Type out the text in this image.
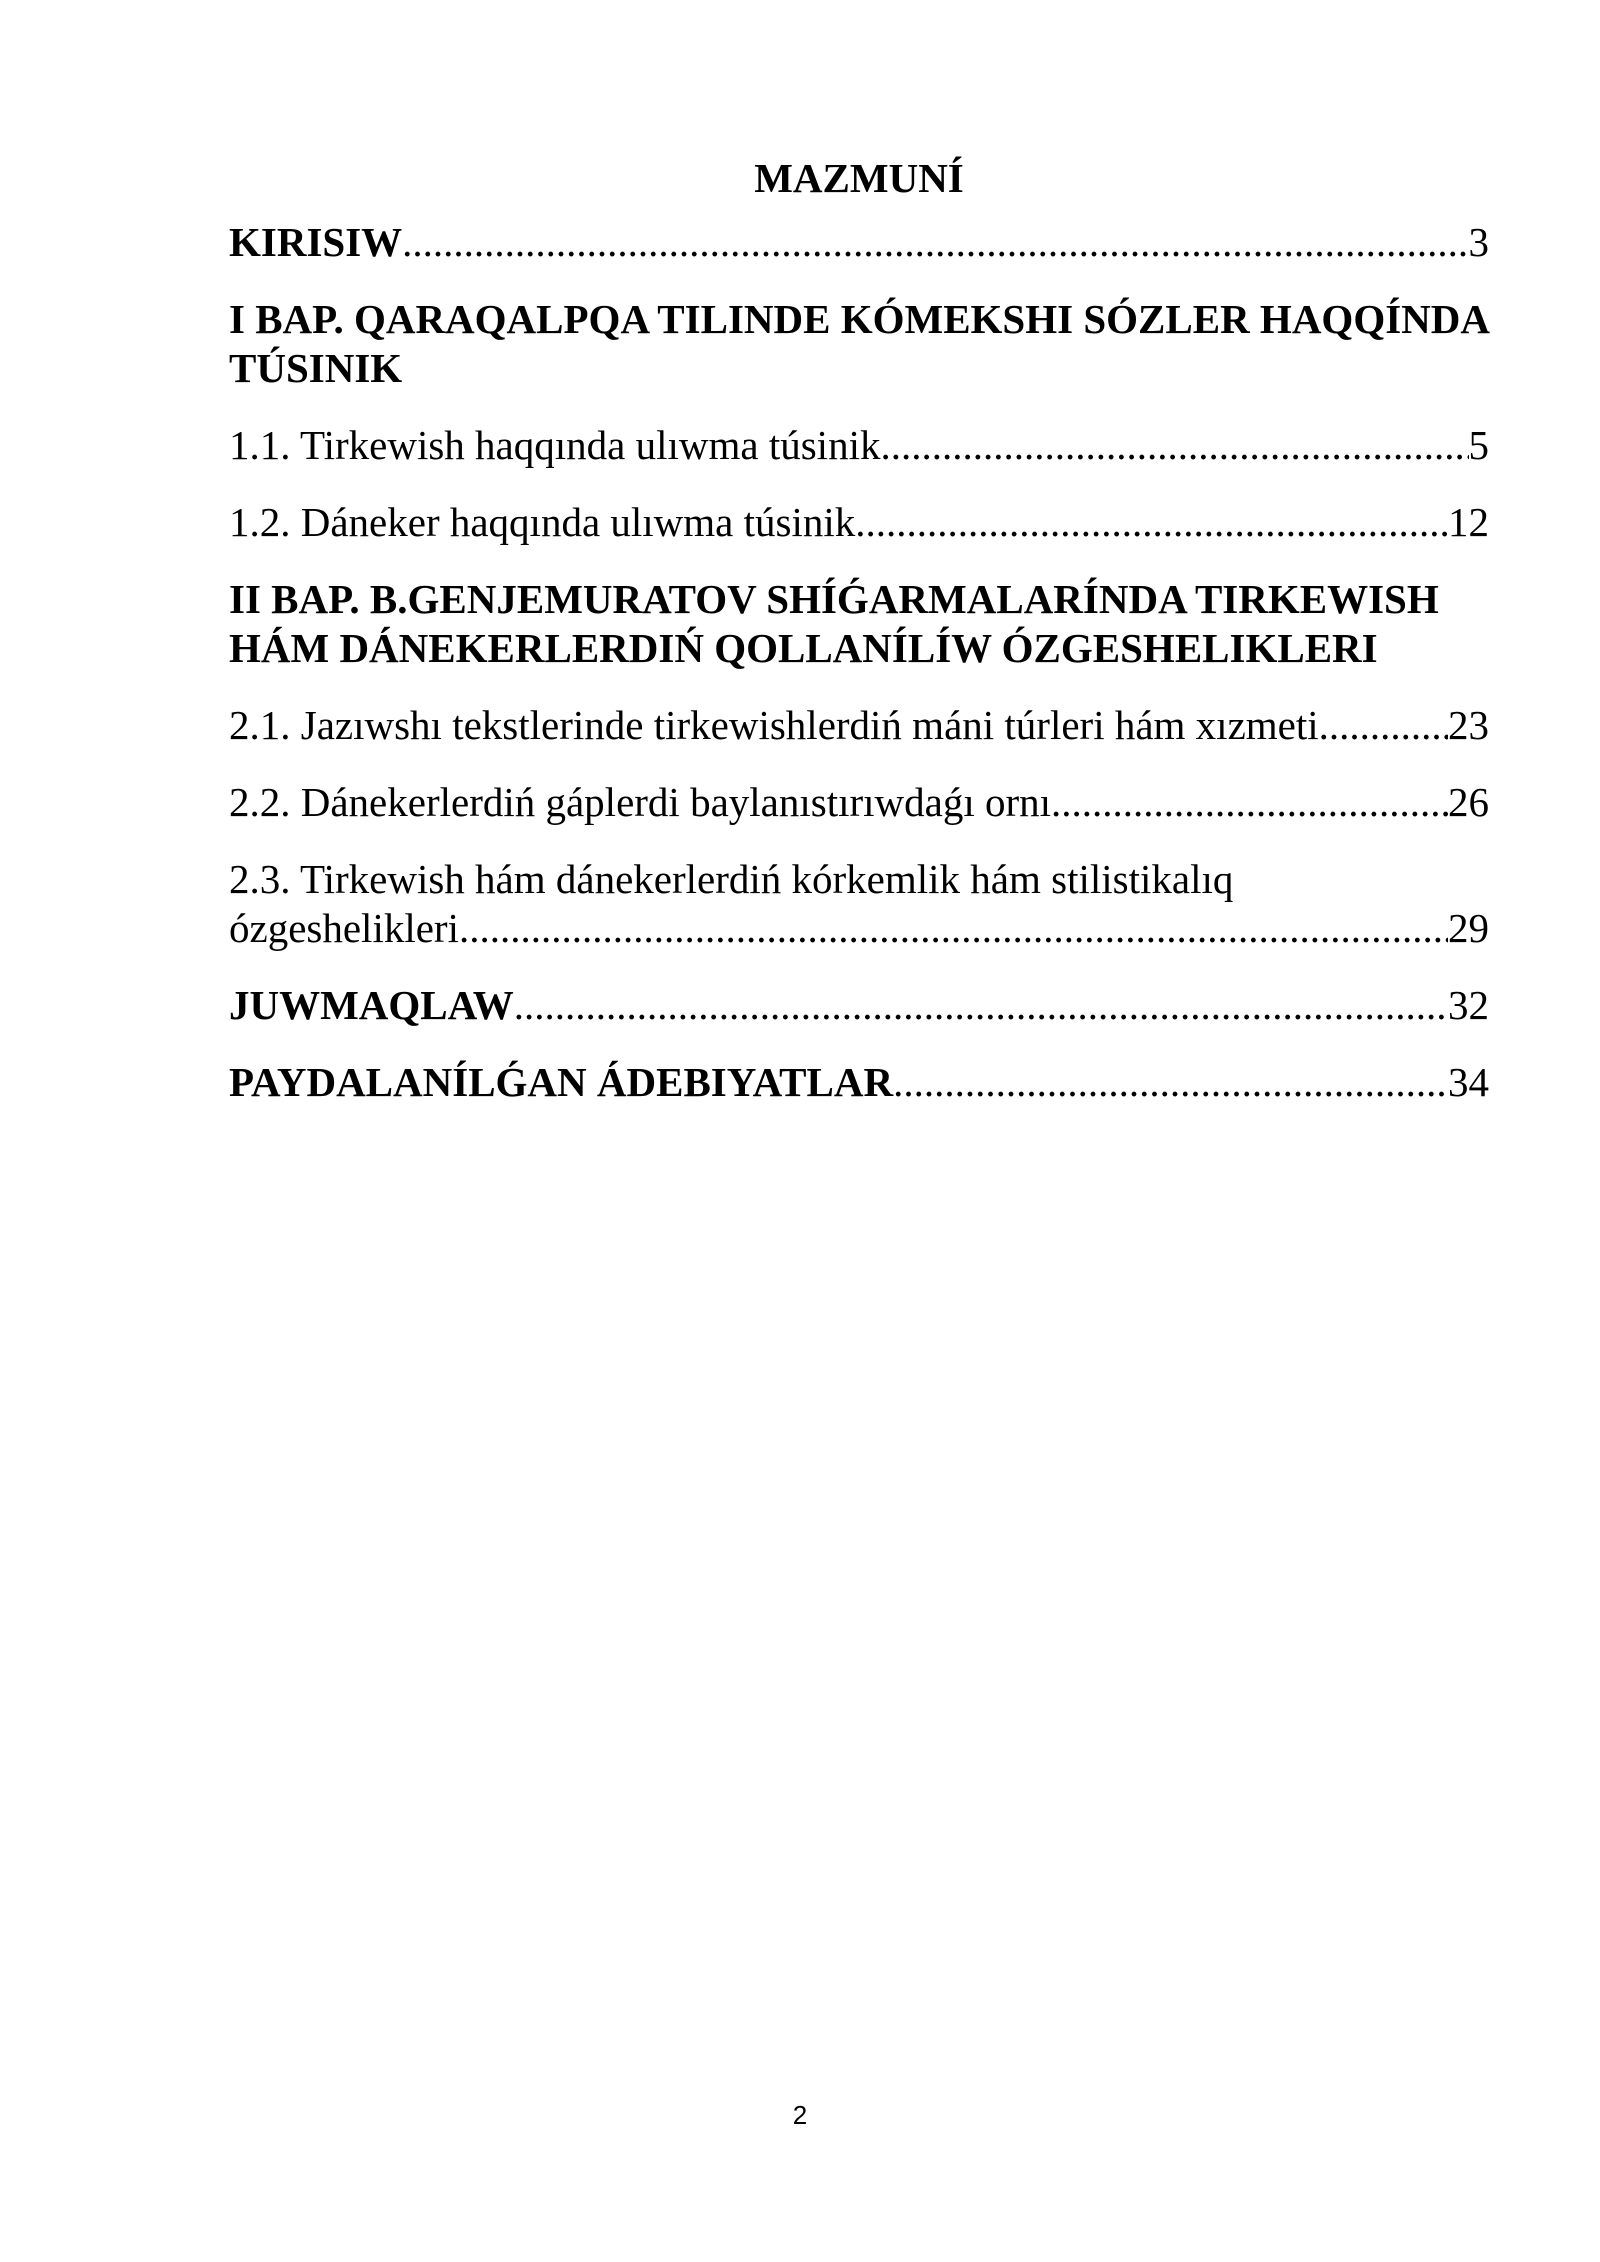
MAZMUNÍ
KIRISIW .....	3
I BAP. QARAQALPQA TILINDE KÓMEKSHI SÓZLER HAQQÍNDA TÚSINIK
1.1. Tirkewish haqqında ulıwma túsinik .....	5
1.2. Dáneker haqqında ulıwma túsinik .....	12
II BAP. B.GENJEMURATOV SHÍǴARMALARÍNDA TIRKEWISH HÁM DÁNEKERLERDIŃ QOLLANÍLÍW ÓZGESHELIKLERI
2.1. Jazıwshı tekstlerinde tirkewishlerdiń máni túrleri hám xızmeti .....	23
2.2. Dánekerlerdiń gáplerdi baylanıstırıwdaǵı ornı .....	26
2.3. Tirkewish hám dánekerlerdiń kórkemlik hám stilistikalıq
ózgeshelikleri .....	29
JUWMAQLAW .....	32
PAYDALANÍLǴAN ÁDEBIYATLAR .....	34
2
